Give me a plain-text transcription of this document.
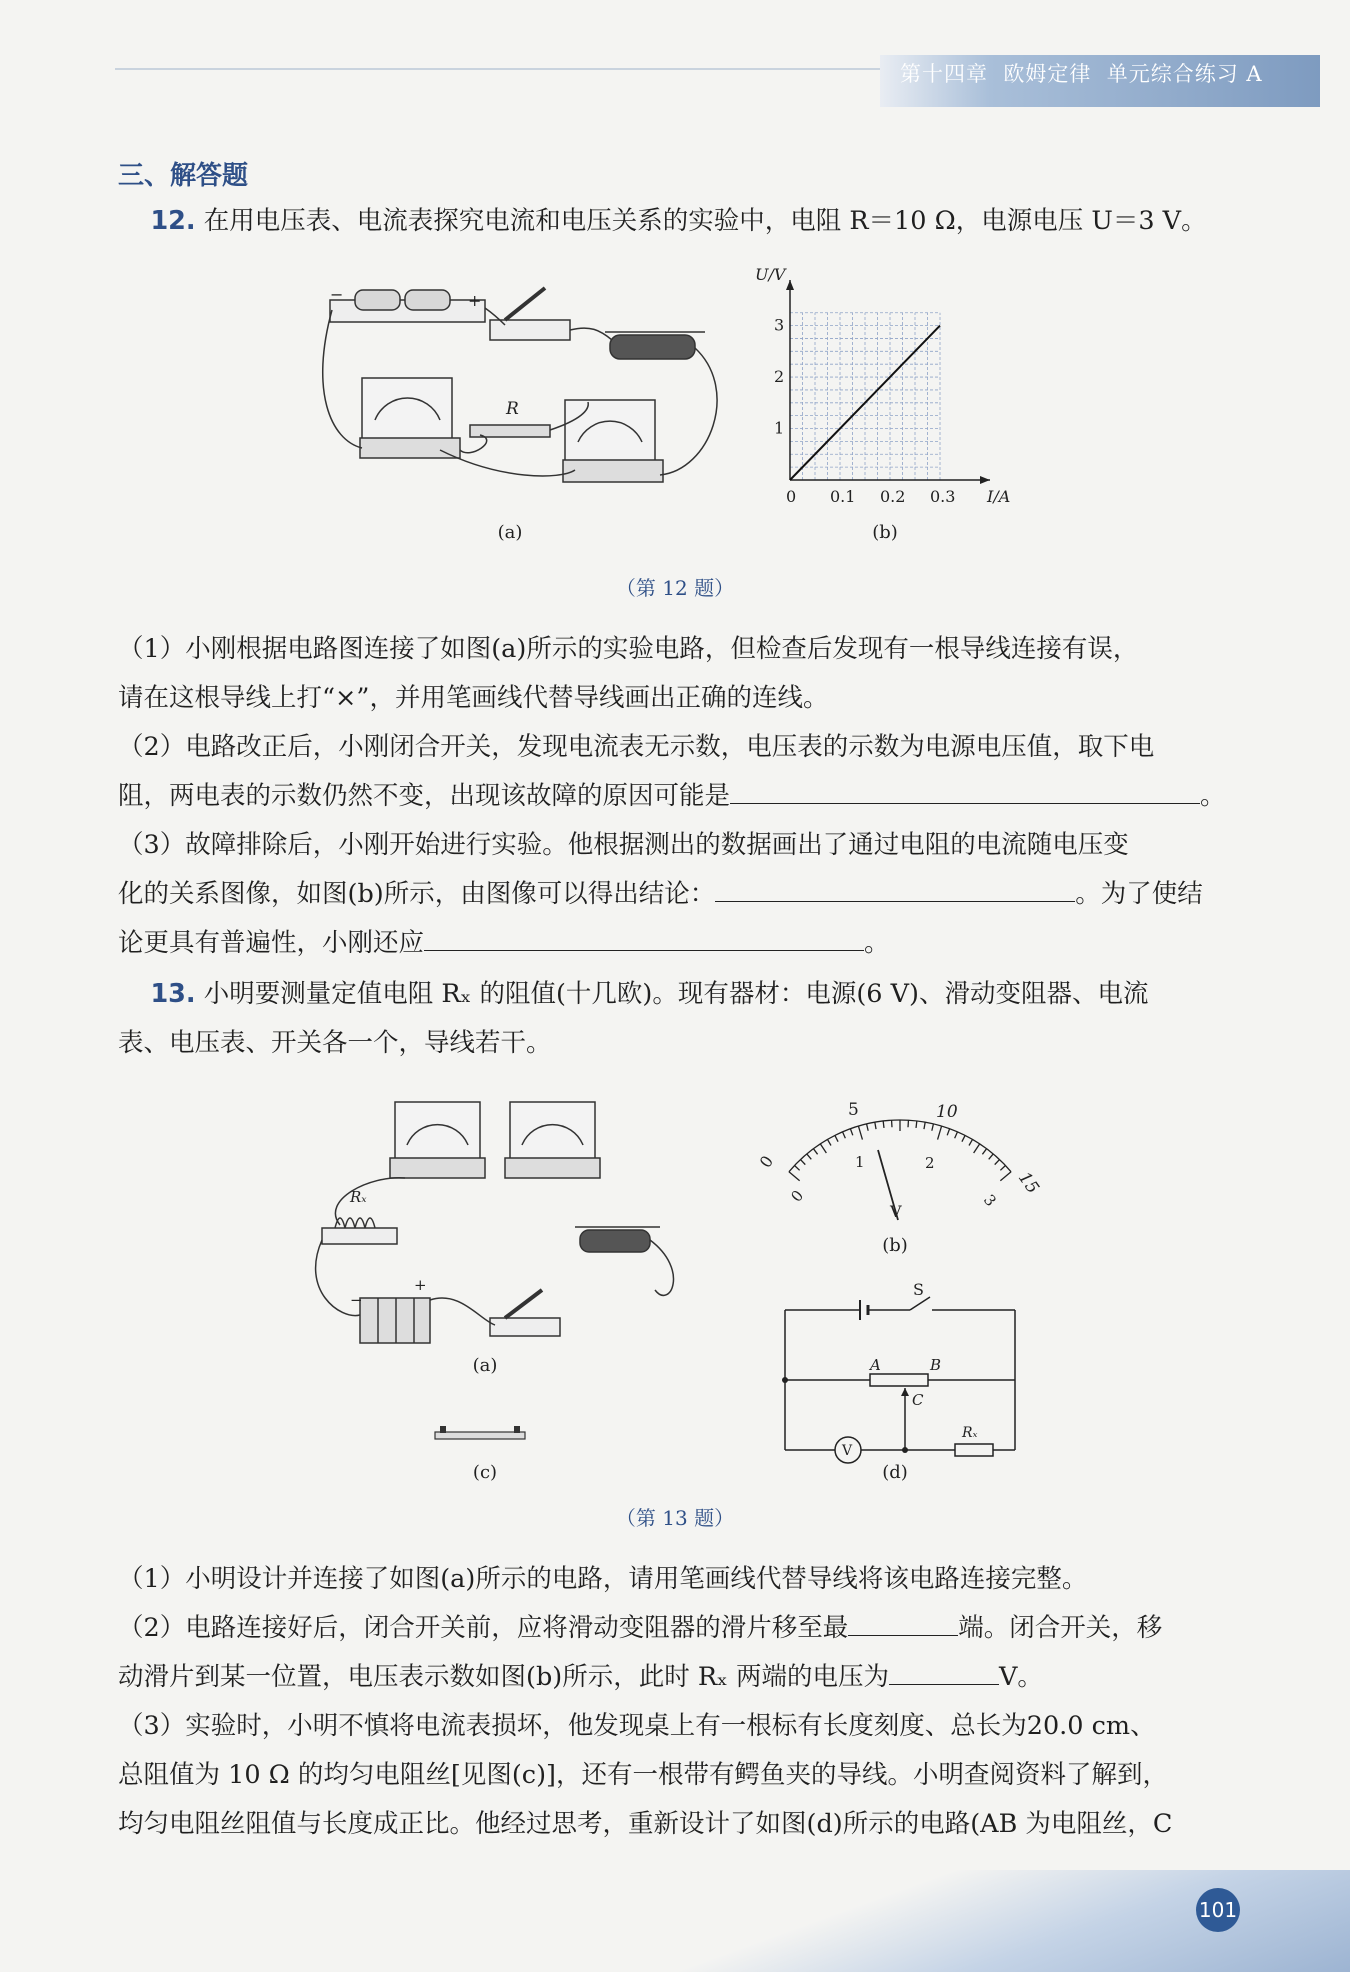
第十四章 欧姆定律 单元综合练习 A
三、解答题
12. 在用电压表、电流表探究电流和电压关系的实验中，电阻 R＝10 Ω，电源电压 U＝3 V。
−	+
R
(a)
0 0.1 0.2 0.3
1
2
3
I/A
U/V
(b)
（第 12 题）
（1）小刚根据电路图连接了如图(a)所示的实验电路，但检查后发现有一根导线连接有误，
请在这根导线上打“×”，并用笔画线代替导线画出正确的连线。
（2）电路改正后，小刚闭合开关，发现电流表无示数，电压表的示数为电源电压值，取下电
阻，两电表的示数仍然不变，出现该故障的原因可能是	。
（3）故障排除后，小刚开始进行实验。他根据测出的数据画出了通过电阻的电流随电压变
化的关系图像，如图(b)所示，由图像可以得出结论：	。为了使结
论更具有普遍性，小刚还应	。
13. 小明要测量定值电阻 Rₓ 的阻值(十几欧)。现有器材：电源(6 V)、滑动变阻器、电流
表、电压表、开关各一个，导线若干。
Rₓ
+
−
(a)
(c)
5	10
15
0
0
1	2
3
V
(b)
S
A	B
C
V
Rₓ
(d)
（第 13 题）
（1）小明设计并连接了如图(a)所示的电路，请用笔画线代替导线将该电路连接完整。
（2）电路连接好后，闭合开关前，应将滑动变阻器的滑片移至最	端。闭合开关，移
动滑片到某一位置，电压表示数如图(b)所示，此时 Rₓ 两端的电压为	V。
（3）实验时，小明不慎将电流表损坏，他发现桌上有一根标有长度刻度、总长为20.0 cm、
总阻值为 10 Ω 的均匀电阻丝[见图(c)]，还有一根带有鳄鱼夹的导线。小明查阅资料了解到，
均匀电阻丝阻值与长度成正比。他经过思考，重新设计了如图(d)所示的电路(AB 为电阻丝，C
101
